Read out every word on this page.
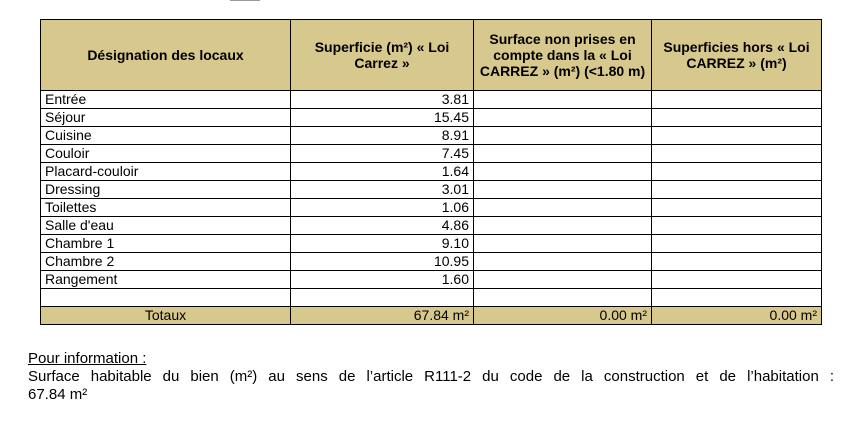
Désignation des locaux	Superficie (m²) « Loi Carrez »	Surface non prises en compte dans la « Loi CARREZ » (m²) (<1.80 m)	Superficies hors « Loi CARREZ » (m²)
Entrée	3.81		
Séjour	15.45		
Cuisine	8.91		
Couloir	7.45		
Placard-couloir	1.64		
Dressing	3.01		
Toilettes	1.06		
Salle d'eau	4.86		
Chambre 1	9.10		
Chambre 2	10.95		
Rangement	1.60		

Totaux	67.84 m²	0.00 m²	0.00 m²
Pour information :
Surface habitable du bien (m²) au sens de l’article R111-2 du code de la construction et de l’habitation :
67.84 m²
